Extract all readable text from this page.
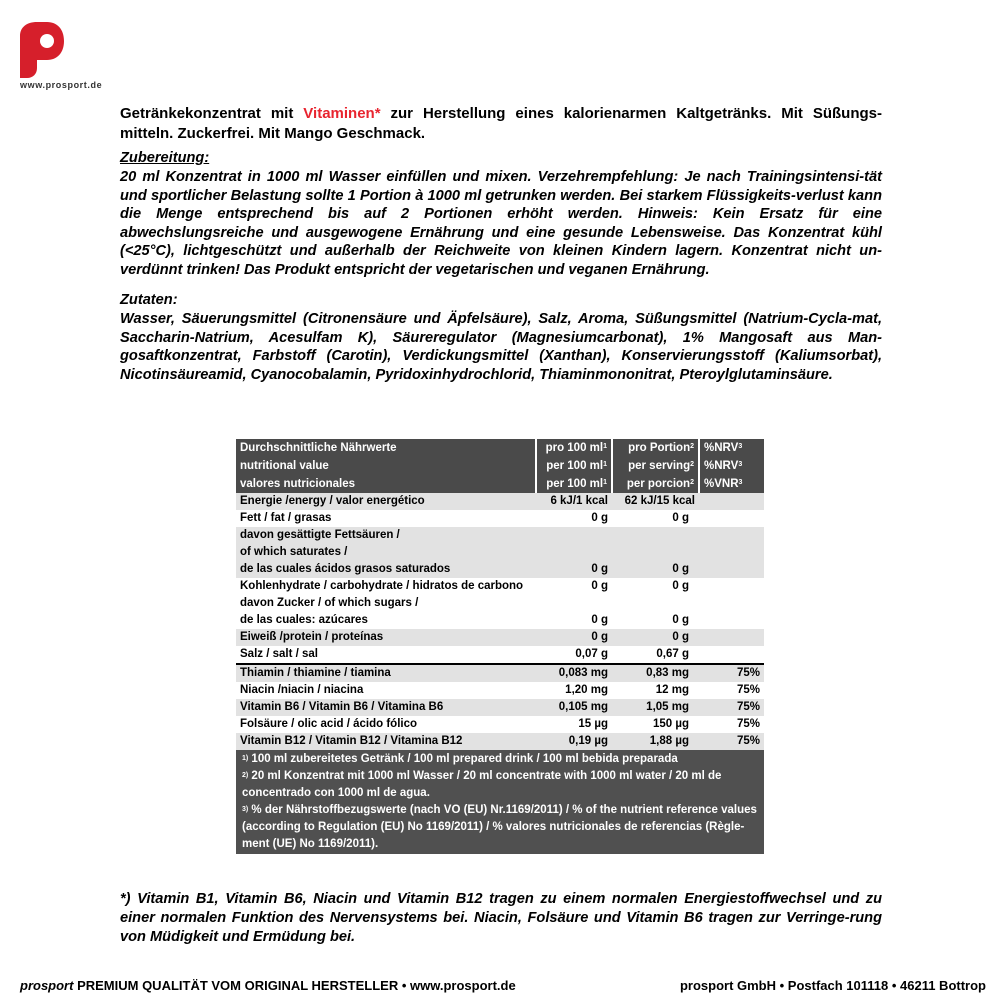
www.prosport.de

Getränkekonzentrat mit Vitaminen* zur Herstellung eines kalorienarmen Kaltgetränks. Mit Süßungs-mitteln. Zuckerfrei. Mit Mango Geschmack.

Zubereitung:

20 ml Konzentrat in 1000 ml Wasser einfüllen und mixen. Verzehrempfehlung: Je nach Trainingsintensi-tät und sportlicher Belastung sollte 1 Portion à 1000 ml getrunken werden. Bei starkem Flüssigkeits-verlust kann die Menge entsprechend bis auf 2 Portionen erhöht werden. Hinweis: Kein Ersatz für eine abwechslungsreiche und ausgewogene Ernährung und eine gesunde Lebensweise. Das Konzentrat kühl (<25°C), lichtgeschützt und außerhalb der Reichweite von kleinen Kindern lagern. Konzentrat nicht un-verdünnt trinken! Das Produkt entspricht der vegetarischen und veganen Ernährung.

Zutaten:

Wasser, Säuerungsmittel (Citronensäure und Äpfelsäure), Salz, Aroma, Süßungsmittel (Natrium-Cycla-mat, Saccharin-Natrium, Acesulfam K), Säureregulator (Magnesiumcarbonat), 1% Mangosaft aus Man-gosaftkonzentrat, Farbstoff (Carotin), Verdickungsmittel (Xanthan), Konservierungsstoff (Kaliumsorbat), Nicotinsäureamid, Cyanocobalamin, Pyridoxinhydrochlorid, Thiaminmononitrat, Pteroylglutaminsäure.

Durchschnittliche Nährwerte	pro 100 $ml^1$	pro Portion$^2$	%NRV$^3$
nutritional value	per 100 $ml^1$	per serving$^2$	%NRV$^3$
valores nutricionales	per 100 $ml^1$	per porcion$^2$	%VNR$^3$
Energie /energy / valor energético	6 kJ/1 kcal	62 kJ/15 kcal	
Fett / fat / grasas	0 g	0 g	

davon gesättigte Fettsäuren /
of which saturates /
de las cuales ácidos grasos saturados	0 g	0 g	

Kohlenhydrate / carbohydrate / hidratos de carbono	0 g	0 g	

davon Zucker / of which sugars /
de las cuales: azúcares	0 g	0 g	
Eiweiß /protein / proteínas	0 g	0 g	
Salz / salt / sal	0,07 g	0,67 g	
Thiamin / thiamine / tiamina	0,083 mg	0,83 mg	75%
Niacin /niacin / niacina	1,20 mg	12 mg	75%
Vitamin B6 / Vitamin B6 / Vitamina B6	0,105 mg	1,05 mg	75%
Folsäure / olic acid / ácido fólico	15 µg	150 µg	75%
Vitamin B12 / Vitamin B12 / Vitamina B12	0,19 µg	1,88 µg	75%

$^{1)}$ 100 ml zubereitetes Getränk / 100 ml prepared drink / 100 ml bebida preparada
$^{2)}$ 20 ml Konzentrat mit 1000 ml Wasser / 20 ml concentrate with 1000 ml water / 20 ml de concentrado con 1000 ml de agua.
$^{3)}$ % der Nährstoffbezugswerte (nach VO (EU) Nr.1169/2011) / % of the nutrient reference values (according to Regulation (EU) No 1169/2011) / % valores nutricionales de referencias (Règle-ment (UE) No 1169/2011).			

*) Vitamin B1, Vitamin B6, Niacin und Vitamin B12 tragen zu einem normalen Energiestoffwechsel und zu einer normalen Funktion des Nervensystems bei. Niacin, Folsäure und Vitamin B6 tragen zur Verringe-rung von Müdigkeit und Ermüdung bei.

prosport PREMIUM QUALITÄT VOM ORIGINAL HERSTELLER • www.prosport.de	prosport GmbH • Postfach 101118 • 46211 Bottrop
